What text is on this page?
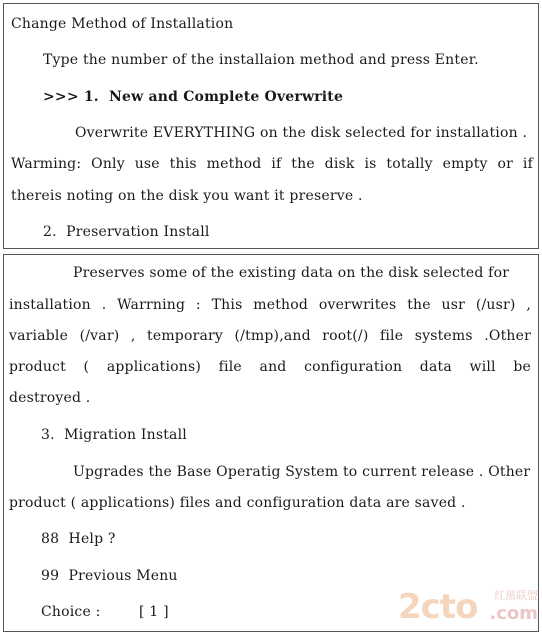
Change Method of Installation
Type the number of the installaion method and press Enter.
>>> 1. New and Complete Overwrite
Overwrite EVERYTHING on the disk selected for installation .
Warming: Only use this method if the disk is totally empty or if
thereis noting on the disk you want it preserve .
2. Preservation Install
Preserves some of the existing data on the disk selected for
installation . Warrning : This method overwrites the usr (/usr) ,
variable (/var) , temporary (/tmp),and root(/) file systems .Other
product ( applications) file and configuration data will be
destroyed .
3. Migration Install
Upgrades the Base Operatig System to current release . Other
product ( applications) files and configuration data are saved .
88 Help ?
99 Previous Menu
Choice :	[ 1 ]	2cto 红黑联盟
.com
